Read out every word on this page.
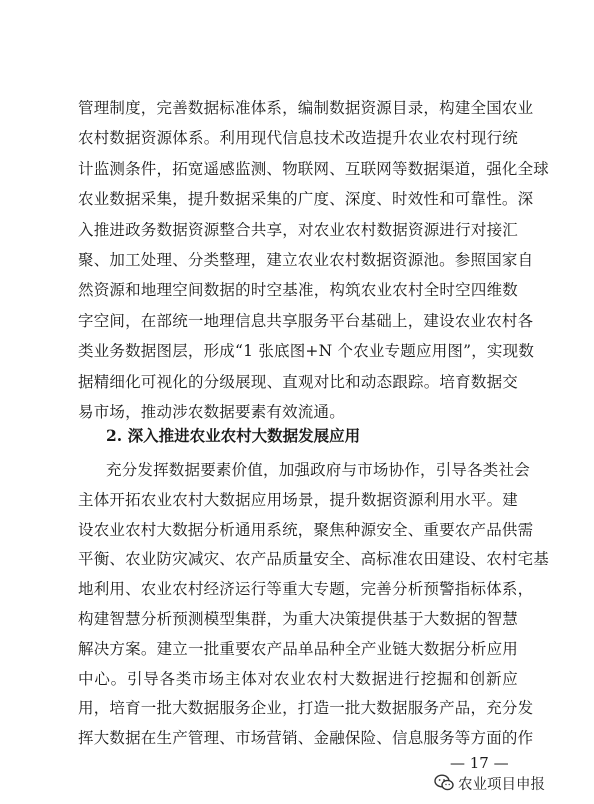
管理制度，完善数据标准体系，编制数据资源目录，构建全国农业
农村数据资源体系。利用现代信息技术改造提升农业农村现行统
计监测条件，拓宽遥感监测、物联网、互联网等数据渠道，强化全球
农业数据采集，提升数据采集的广度、深度、时效性和可靠性。深
入推进政务数据资源整合共享，对农业农村数据资源进行对接汇
聚、加工处理、分类整理，建立农业农村数据资源池。参照国家自
然资源和地理空间数据的时空基准，构筑农业农村全时空四维数
字空间，在部统一地理信息共享服务平台基础上，建设农业农村各
类业务数据图层，形成“1 张底图+N 个农业专题应用图”，实现数
据精细化可视化的分级展现、直观对比和动态跟踪。培育数据交
易市场，推动涉农数据要素有效流通。
2. 深入推进农业农村大数据发展应用
充分发挥数据要素价值，加强政府与市场协作，引导各类社会
主体开拓农业农村大数据应用场景，提升数据资源利用水平。建
设农业农村大数据分析通用系统，聚焦种源安全、重要农产品供需
平衡、农业防灾减灾、农产品质量安全、高标准农田建设、农村宅基
地利用、农业农村经济运行等重大专题，完善分析预警指标体系，
构建智慧分析预测模型集群，为重大决策提供基于大数据的智慧
解决方案。建立一批重要农产品单品种全产业链大数据分析应用
中心。引导各类市场主体对农业农村大数据进行挖掘和创新应
用，培育一批大数据服务企业，打造一批大数据服务产品，充分发
挥大数据在生产管理、市场营销、金融保险、信息服务等方面的作
— 17 —
农业项目申报
